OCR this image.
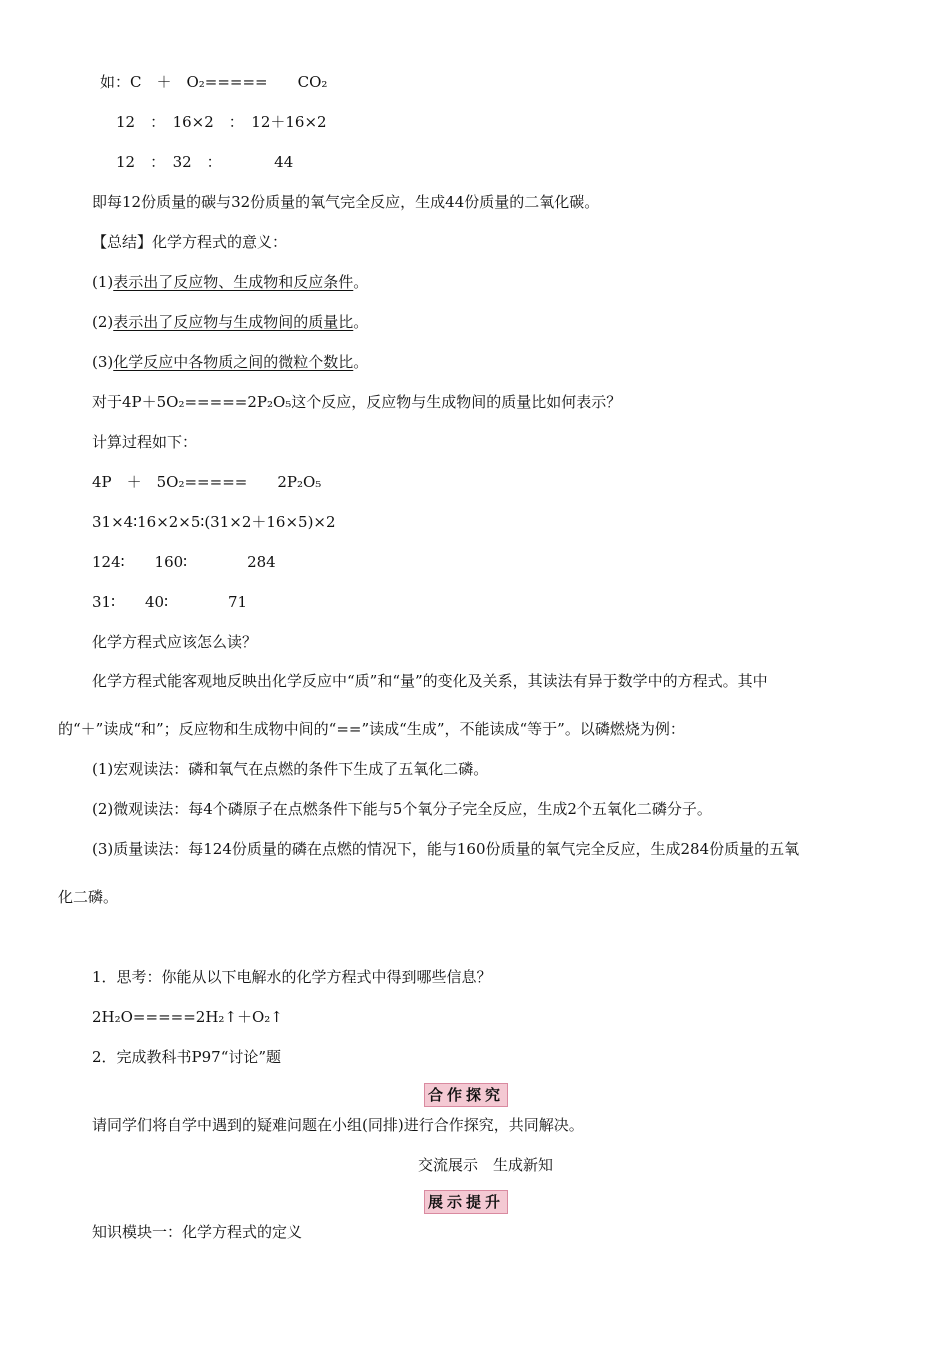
如：C　＋　O₂=====　　CO₂
12　：　16×2　：　12＋16×2
12　：　32　：　　　　44
即每12份质量的碳与32份质量的氧气完全反应，生成44份质量的二氧化碳。
【总结】化学方程式的意义：
(1)表示出了反应物、生成物和反应条件。
(2)表示出了反应物与生成物间的质量比。
(3)化学反应中各物质之间的微粒个数比。
对于4P＋5O₂=====2P₂O₅这个反应，反应物与生成物间的质量比如何表示？
计算过程如下：
4P　＋　5O₂=====　　2P₂O₅
31×4∶16×2×5∶(31×2＋16×5)×2
124∶　　160∶　　　　284
31∶　　40∶　　　　71
化学方程式应该怎么读？
化学方程式能客观地反映出化学反应中“质”和“量”的变化及关系，其读法有异于数学中的方程式。其中
的“＋”读成“和”；反应物和生成物中间的“==”读成“生成”，不能读成“等于”。以磷燃烧为例：
(1)宏观读法：磷和氧气在点燃的条件下生成了五氧化二磷。
(2)微观读法：每4个磷原子在点燃条件下能与5个氧分子完全反应，生成2个五氧化二磷分子。
(3)质量读法：每124份质量的磷在点燃的情况下，能与160份质量的氧气完全反应，生成284份质量的五氧
化二磷。
1．思考：你能从以下电解水的化学方程式中得到哪些信息？
2H₂O=====2H₂↑＋O₂↑
2．完成教科书P97“讨论”题
合作探究
请同学们将自学中遇到的疑难问题在小组(同排)进行合作探究，共同解决。
交流展示　生成新知
展示提升
知识模块一：化学方程式的定义
